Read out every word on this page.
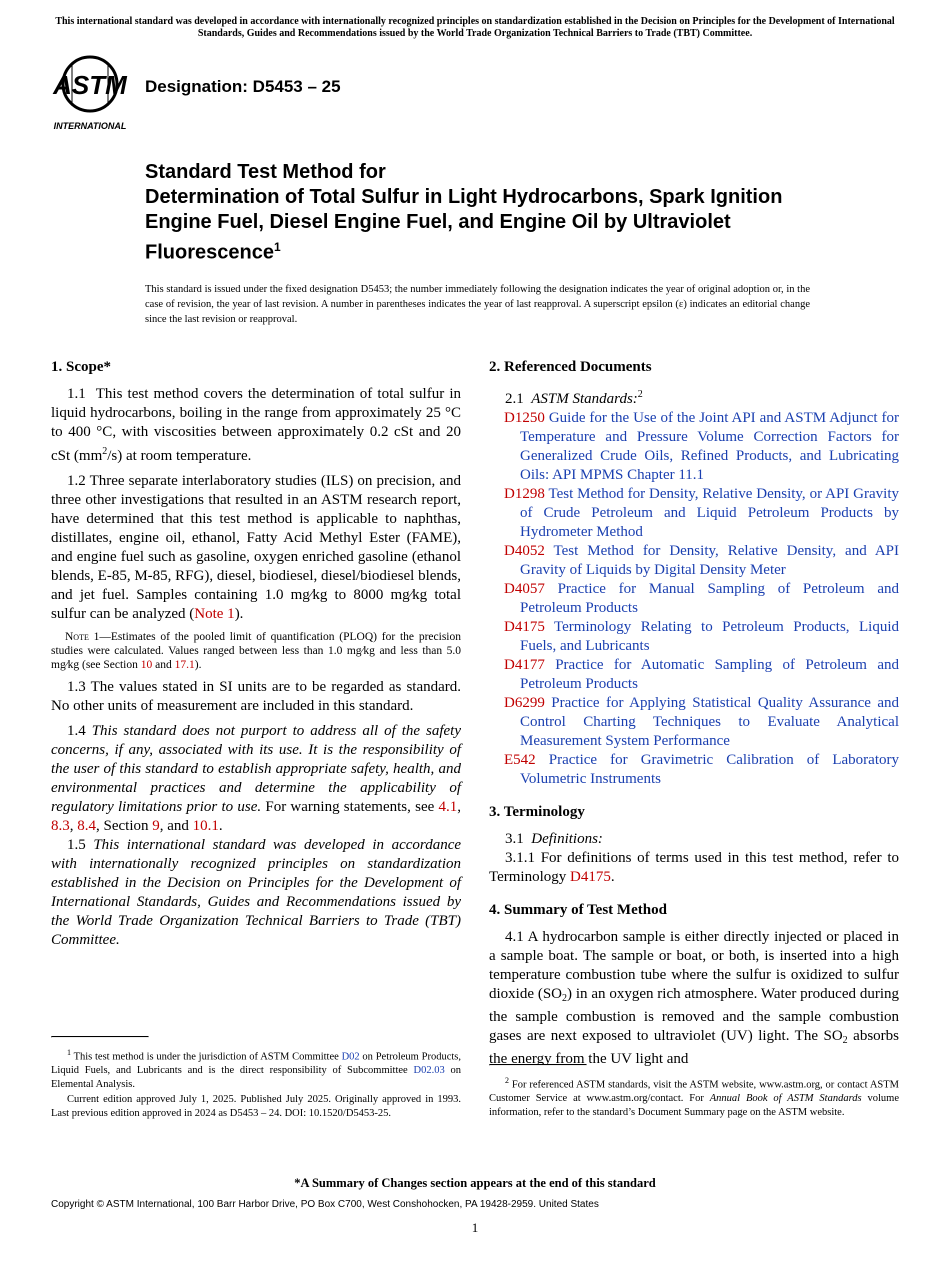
This international standard was developed in accordance with internationally recognized principles on standardization established in the Decision on Principles for the Development of International Standards, Guides and Recommendations issued by the World Trade Organization Technical Barriers to Trade (TBT) Committee.
ASTM
INTERNATIONAL
Designation: D5453 – 25
Standard Test Method for
Determination of Total Sulfur in Light Hydrocarbons, Spark Ignition Engine Fuel, Diesel Engine Fuel, and Engine Oil by Ultraviolet Fluorescence$^1$
This standard is issued under the fixed designation D5453; the number immediately following the designation indicates the year of original adoption or, in the case of revision, the year of last revision. A number in parentheses indicates the year of last reapproval. A superscript epsilon (ε) indicates an editorial change since the last revision or reapproval.
1. Scope*

1.1 This test method covers the determination of total sulfur in liquid hydrocarbons, boiling in the range from approximately 25 °C to 400 °C, with viscosities between approximately 0.2 cSt and 20 cSt $(mm^2/s)$ at room temperature.

1.2 Three separate interlaboratory studies (ILS) on precision, and three other investigations that resulted in an ASTM research report, have determined that this test method is applicable to naphthas, distillates, engine oil, ethanol, Fatty Acid Methyl Ester (FAME), and engine fuel such as gasoline, oxygen enriched gasoline (ethanol blends, E-85, M-85, RFG), diesel, biodiesel, diesel/biodiesel blends, and jet fuel. Samples containing 1.0 mg⁄kg to 8000 mg⁄kg total sulfur can be analyzed (Note 1).

Note 1—Estimates of the pooled limit of quantification (PLOQ) for the precision studies were calculated. Values ranged between less than 1.0 mg⁄kg and less than 5.0 mg⁄kg (see Section 10 and 17.1).

1.3 The values stated in SI units are to be regarded as standard. No other units of measurement are included in this standard.

1.4 This standard does not purport to address all of the safety concerns, if any, associated with its use. It is the responsibility of the user of this standard to establish appropriate safety, health, and environmental practices and determine the applicability of regulatory limitations prior to use. For warning statements, see 4.1, 8.3, 8.4, Section 9, and 10.1.

1.5 This international standard was developed in accordance with internationally recognized principles on standardization established in the Decision on Principles for the Development of International Standards, Guides and Recommendations issued by the World Trade Organization Technical Barriers to Trade (TBT) Committee.

$^1$ This test method is under the jurisdiction of ASTM Committee D02 on Petroleum Products, Liquid Fuels, and Lubricants and is the direct responsibility of Subcommittee D02.03 on Elemental Analysis.

Current edition approved July 1, 2025. Published July 2025. Originally approved in 1993. Last previous edition approved in 2024 as D5453 – 24. DOI: 10.1520/D5453-25.

2. Referenced Documents

2.1 ASTM Standards:$^2$

D1250 Guide for the Use of the Joint API and ASTM Adjunct for Temperature and Pressure Volume Correction Factors for Generalized Crude Oils, Refined Products, and Lubricating Oils: API MPMS Chapter 11.1

D1298 Test Method for Density, Relative Density, or API Gravity of Crude Petroleum and Liquid Petroleum Products by Hydrometer Method

D4052 Test Method for Density, Relative Density, and API Gravity of Liquids by Digital Density Meter

D4057 Practice for Manual Sampling of Petroleum and Petroleum Products

D4175 Terminology Relating to Petroleum Products, Liquid Fuels, and Lubricants

D4177 Practice for Automatic Sampling of Petroleum and Petroleum Products

D6299 Practice for Applying Statistical Quality Assurance and Control Charting Techniques to Evaluate Analytical Measurement System Performance

E542 Practice for Gravimetric Calibration of Laboratory Volumetric Instruments

3. Terminology

3.1 Definitions:

3.1.1 For definitions of terms used in this test method, refer to Terminology D4175.

4. Summary of Test Method

4.1 A hydrocarbon sample is either directly injected or placed in a sample boat. The sample or boat, or both, is inserted into a high temperature combustion tube where the sulfur is oxidized to sulfur dioxide $(SO_2)$ in an oxygen rich atmosphere. Water produced during the sample combustion is removed and the sample combustion gases are next exposed to ultraviolet (UV) light. The $SO_2$ absorbs the energy from the UV light and

$^2$ For referenced ASTM standards, visit the ASTM website, www.astm.org, or contact ASTM Customer Service at www.astm.org/contact. For Annual Book of ASTM Standards volume information, refer to the standard’s Document Summary page on the ASTM website.

*A Summary of Changes section appears at the end of this standard
Copyright © ASTM International, 100 Barr Harbor Drive, PO Box C700, West Conshohocken, PA 19428-2959. United States
1
